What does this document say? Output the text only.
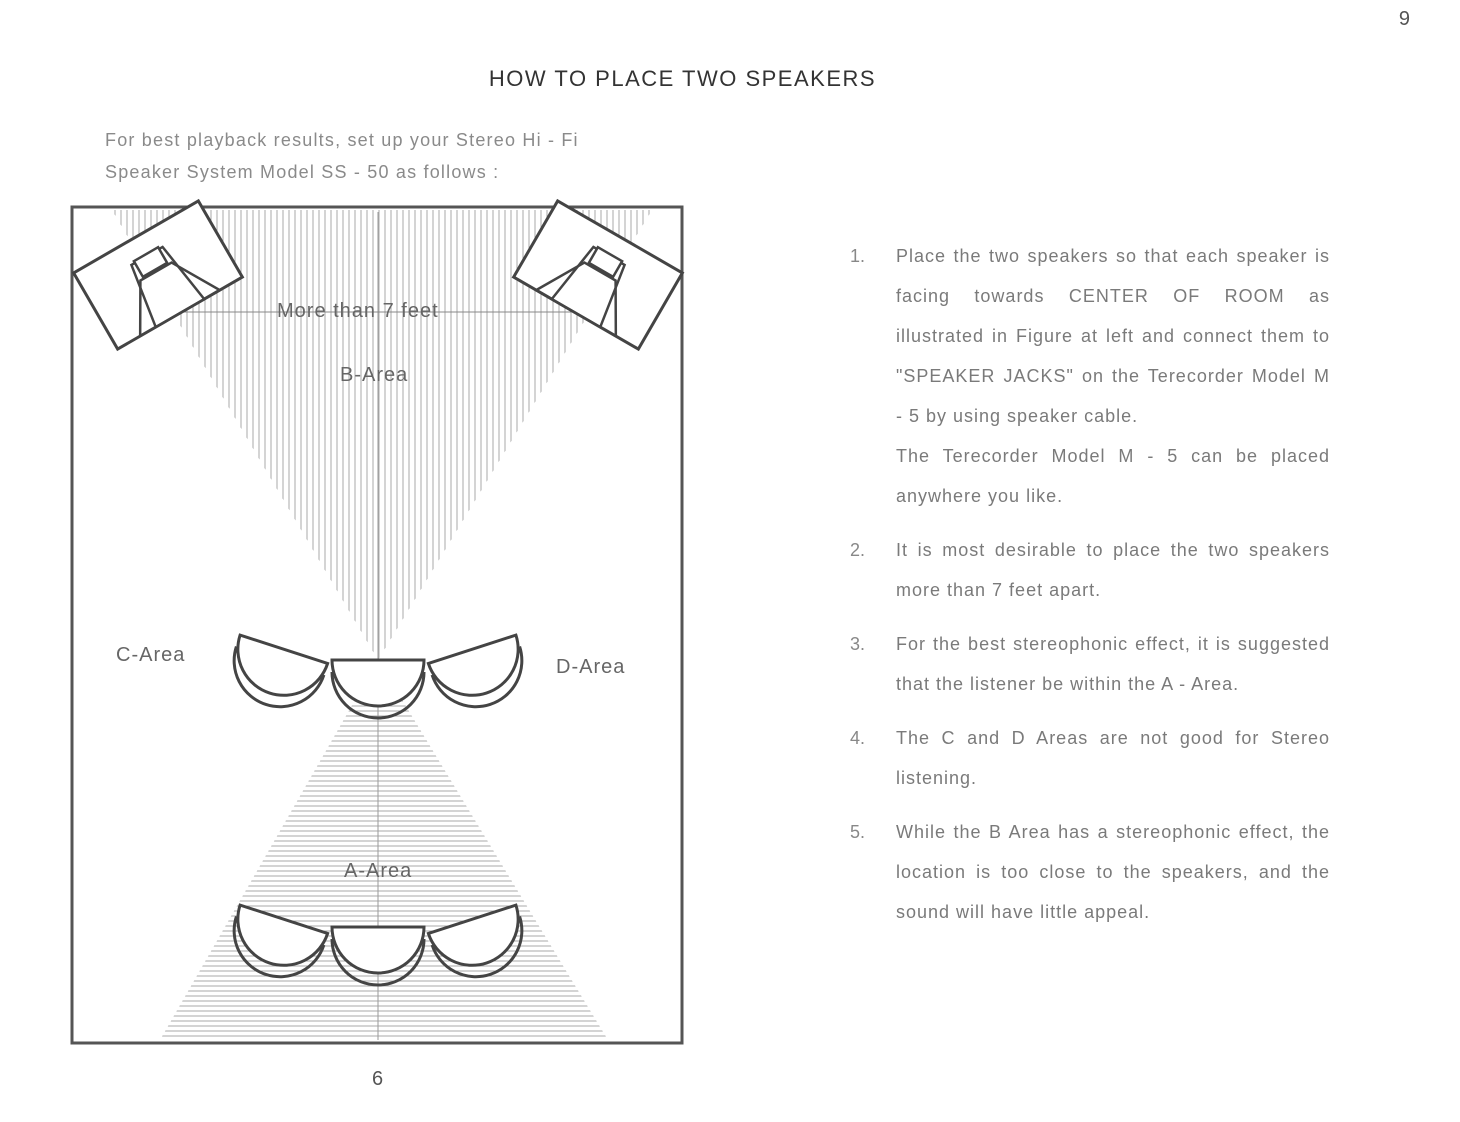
9
HOW TO PLACE TWO SPEAKERS
For best playback results, set up your Stereo Hi - Fi
Speaker System Model SS - 50 as follows :
More than 7 feet
B-Area
C-Area
D-Area
A-Area
6
1. Place the two speakers so that each speaker is facing towards CENTER OF ROOM as illustrated in Figure at left and connect them to "SPEAKER JACKS" on the Terecorder Model M - 5 by using speaker cable.
The Terecorder Model M - 5 can be placed anywhere you like.
2. It is most desirable to place the two speakers more than 7 feet apart.
3. For the best stereophonic effect, it is suggested that the listener be within the A - Area.
4. The C and D Areas are not good for Stereo listening.
5. While the B Area has a stereophonic effect, the location is too close to the speakers, and the sound will have little appeal.
